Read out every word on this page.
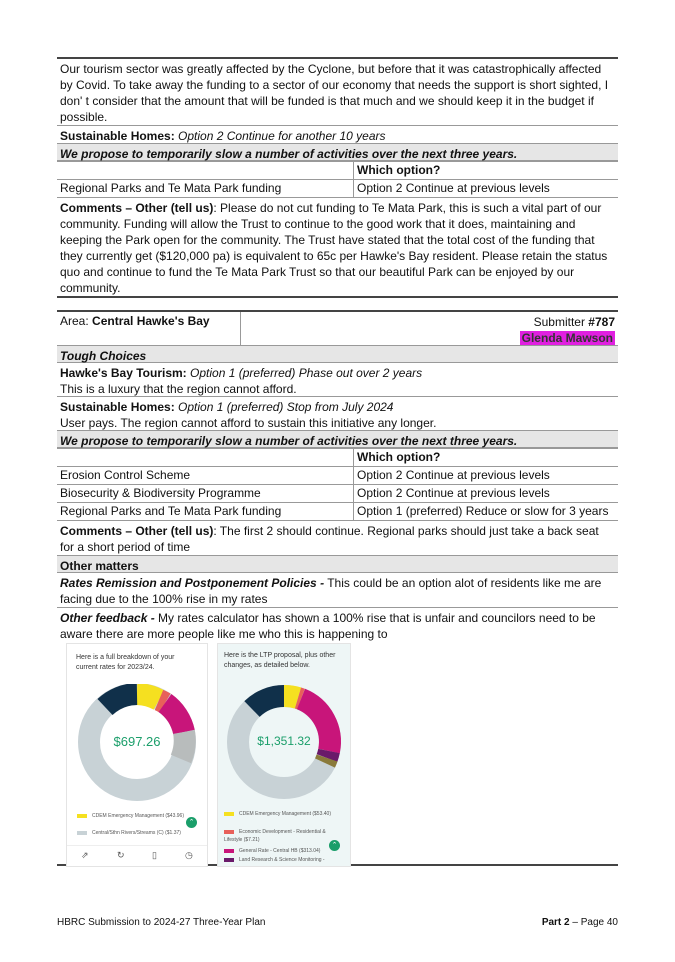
Our tourism sector was greatly affected by the Cyclone, but before that it was catastrophically affected by Covid. To take away the funding to a sector of our economy that needs the support is short sighted, I don' t consider that the amount that will be funded is that much and we should keep it in the budget if possible.
Sustainable Homes: Option 2 Continue for another 10 years
We propose to temporarily slow a number of activities over the next three years.
	Which option?
Regional Parks and Te Mata Park funding	Option 2 Continue at previous levels
Comments – Other (tell us): Please do not cut funding to Te Mata Park, this is such a vital part of our community. Funding will allow the Trust to continue to the good work that it does, maintaining and keeping the Park open for the community. The Trust have stated that the total cost of the funding that they currently get ($120,000 pa) is equivalent to 65c per Hawke's Bay resident. Please retain the status quo and continue to fund the Te Mata Park Trust so that our beautiful Park can be enjoyed by our community.
Area: Central Hawke's Bay	Submitter #787
Glenda Mawson
Tough Choices
Hawke's Bay Tourism: Option 1 (preferred) Phase out over 2 years
This is a luxury that the region cannot afford.
Sustainable Homes: Option 1 (preferred) Stop from July 2024
User pays. The region cannot afford to sustain this initiative any longer.
We propose to temporarily slow a number of activities over the next three years.
	Which option?
Erosion Control Scheme	Option 2 Continue at previous levels
Biosecurity & Biodiversity Programme	Option 2 Continue at previous levels
Regional Parks and Te Mata Park funding	Option 1 (preferred) Reduce or slow for 3 years
Comments – Other (tell us): The first 2 should continue. Regional parks should just take a back seat for a short period of time
Other matters
Rates Remission and Postponement Policies - This could be an option alot of residents like me are facing due to the 100% rise in my rates
Other feedback - My rates calculator has shown a 100% rise that is unfair and councilors need to be aware there are more people like me who this is happening to
Here is a full breakdown of your current rates for 2023/24.
$697.26
CDEM Emergency Management ($43.96)
Central/Sthn Rivers/Streams (C) ($1.37)
⌃
⇗	↻	▯	◷
Here is the LTP proposal, plus other changes, as detailed below.
$1,351.32
CDEM Emergency Management ($53.40)
Economic Development - Residential & Lifestyle ($7.21)
General Rate - Central HB ($313.04)
Land Research & Science Monitoring -
⌃
HBRC Submission to 2024-27 Three-Year Plan	Part 2 – Page 40
